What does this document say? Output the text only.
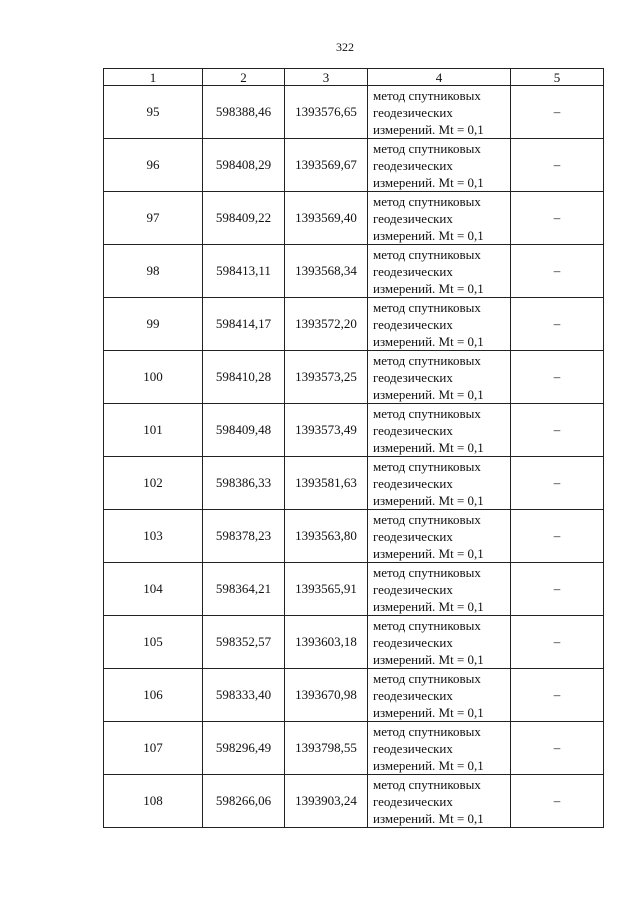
322
1	2	3	4	5
95	598388,46	1393576,65	метод спутниковых
геодезических
измерений. Mt = 0,1	–
96	598408,29	1393569,67	метод спутниковых
геодезических
измерений. Mt = 0,1	–
97	598409,22	1393569,40	метод спутниковых
геодезических
измерений. Mt = 0,1	–
98	598413,11	1393568,34	метод спутниковых
геодезических
измерений. Mt = 0,1	–
99	598414,17	1393572,20	метод спутниковых
геодезических
измерений. Mt = 0,1	–
100	598410,28	1393573,25	метод спутниковых
геодезических
измерений. Mt = 0,1	–
101	598409,48	1393573,49	метод спутниковых
геодезических
измерений. Mt = 0,1	–
102	598386,33	1393581,63	метод спутниковых
геодезических
измерений. Mt = 0,1	–
103	598378,23	1393563,80	метод спутниковых
геодезических
измерений. Mt = 0,1	–
104	598364,21	1393565,91	метод спутниковых
геодезических
измерений. Mt = 0,1	–
105	598352,57	1393603,18	метод спутниковых
геодезических
измерений. Mt = 0,1	–
106	598333,40	1393670,98	метод спутниковых
геодезических
измерений. Mt = 0,1	–
107	598296,49	1393798,55	метод спутниковых
геодезических
измерений. Mt = 0,1	–
108	598266,06	1393903,24	метод спутниковых
геодезических
измерений. Mt = 0,1	–
